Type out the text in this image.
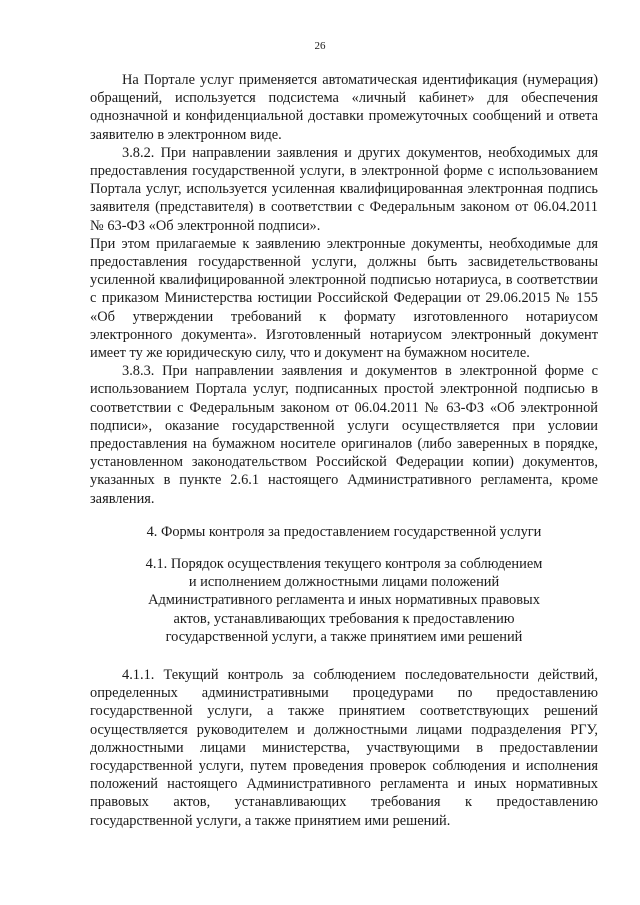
26

На Портале услуг применяется автоматическая идентификация (нумерация) обращений, используется подсистема «личный кабинет» для обеспечения однозначной и конфиденциальной доставки промежуточных сообщений и ответа заявителю в электронном виде.

3.8.2. При направлении заявления и других документов, необходимых для предоставления государственной услуги, в электронной форме с использованием Портала услуг, используется усиленная квалифицированная электронная подпись заявителя (представителя) в соответствии с Федеральным законом от 06.04.2011 № 63-ФЗ «Об электронной подписи».

При этом прилагаемые к заявлению электронные документы, необходимые для предоставления государственной услуги, должны быть засвидетельствованы усиленной квалифицированной электронной подписью нотариуса, в соответствии с приказом Министерства юстиции Российской Федерации от 29.06.2015 № 155 «Об утверждении требований к формату изготовленного нотариусом электронного документа». Изготовленный нотариусом электронный документ имеет ту же юридическую силу, что и документ на бумажном носителе.

3.8.3. При направлении заявления и документов в электронной форме с использованием Портала услуг, подписанных простой электронной подписью в соответствии с Федеральным законом от 06.04.2011 № 63-ФЗ «Об электронной подписи», оказание государственной услуги осуществляется при условии предоставления на бумажном носителе оригиналов (либо заверенных в порядке, установленном законодательством Российской Федерации копии) документов, указанных в пункте 2.6.1 настоящего Административного регламента, кроме заявления.

4. Формы контроля за предоставлением государственной услуги

4.1. Порядок осуществления текущего контроля за соблюдением
и исполнением должностными лицами положений
Административного регламента и иных нормативных правовых
актов, устанавливающих требования к предоставлению
государственной услуги, а также принятием ими решений

4.1.1. Текущий контроль за соблюдением последовательности действий, определенных административными процедурами по предоставлению государственной услуги, а также принятием соответствующих решений осуществляется руководителем и должностными лицами подразделения РГУ, должностными лицами министерства, участвующими в предоставлении государственной услуги, путем проведения проверок соблюдения и исполнения положений настоящего Административного регламента и иных нормативных правовых актов, устанавливающих требования к предоставлению государственной услуги, а также принятием ими решений.
